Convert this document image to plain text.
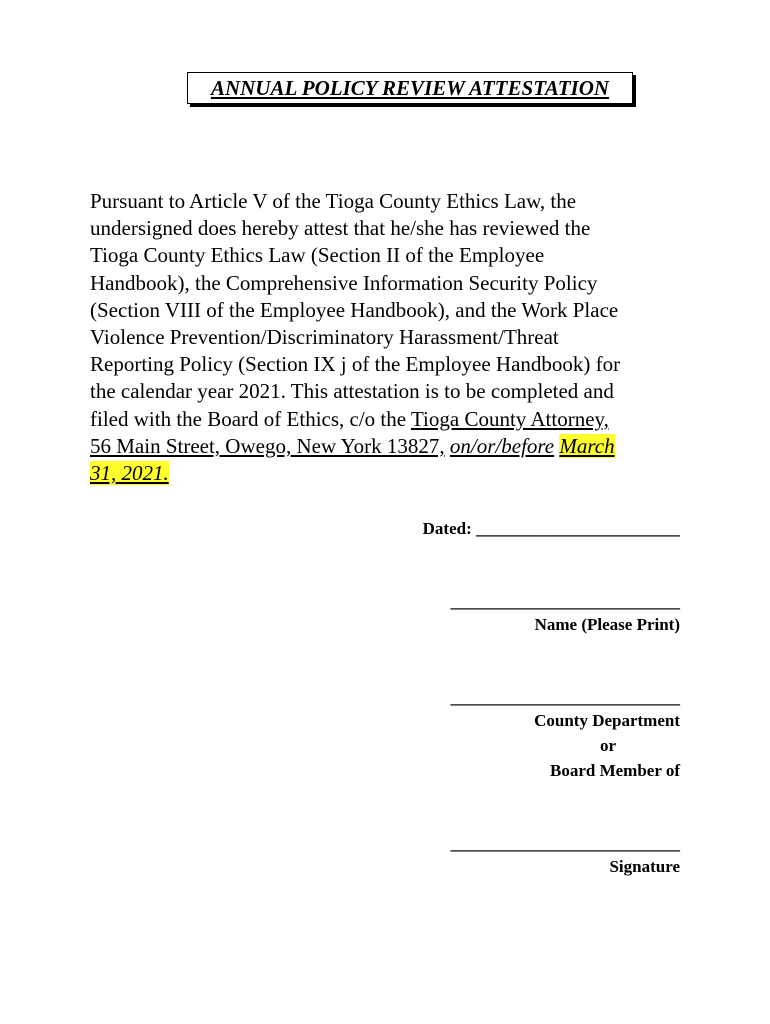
ANNUAL POLICY REVIEW ATTESTATION
Pursuant to Article V of the Tioga County Ethics Law, the
undersigned does hereby attest that he/she has reviewed the
Tioga County Ethics Law (Section II of the Employee
Handbook), the Comprehensive Information Security Policy
(Section VIII of the Employee Handbook), and the Work Place
Violence Prevention/Discriminatory Harassment/Threat
Reporting Policy (Section IX j of the Employee Handbook) for
the calendar year 2021. This attestation is to be completed and
filed with the Board of Ethics, c/o the Tioga County Attorney,
56 Main Street, Owego, New York 13827, on/or/before March
31, 2021.
Dated: ________________________
___________________________
Name (Please Print)
___________________________
County Department
or
Board Member of
___________________________
Signature
